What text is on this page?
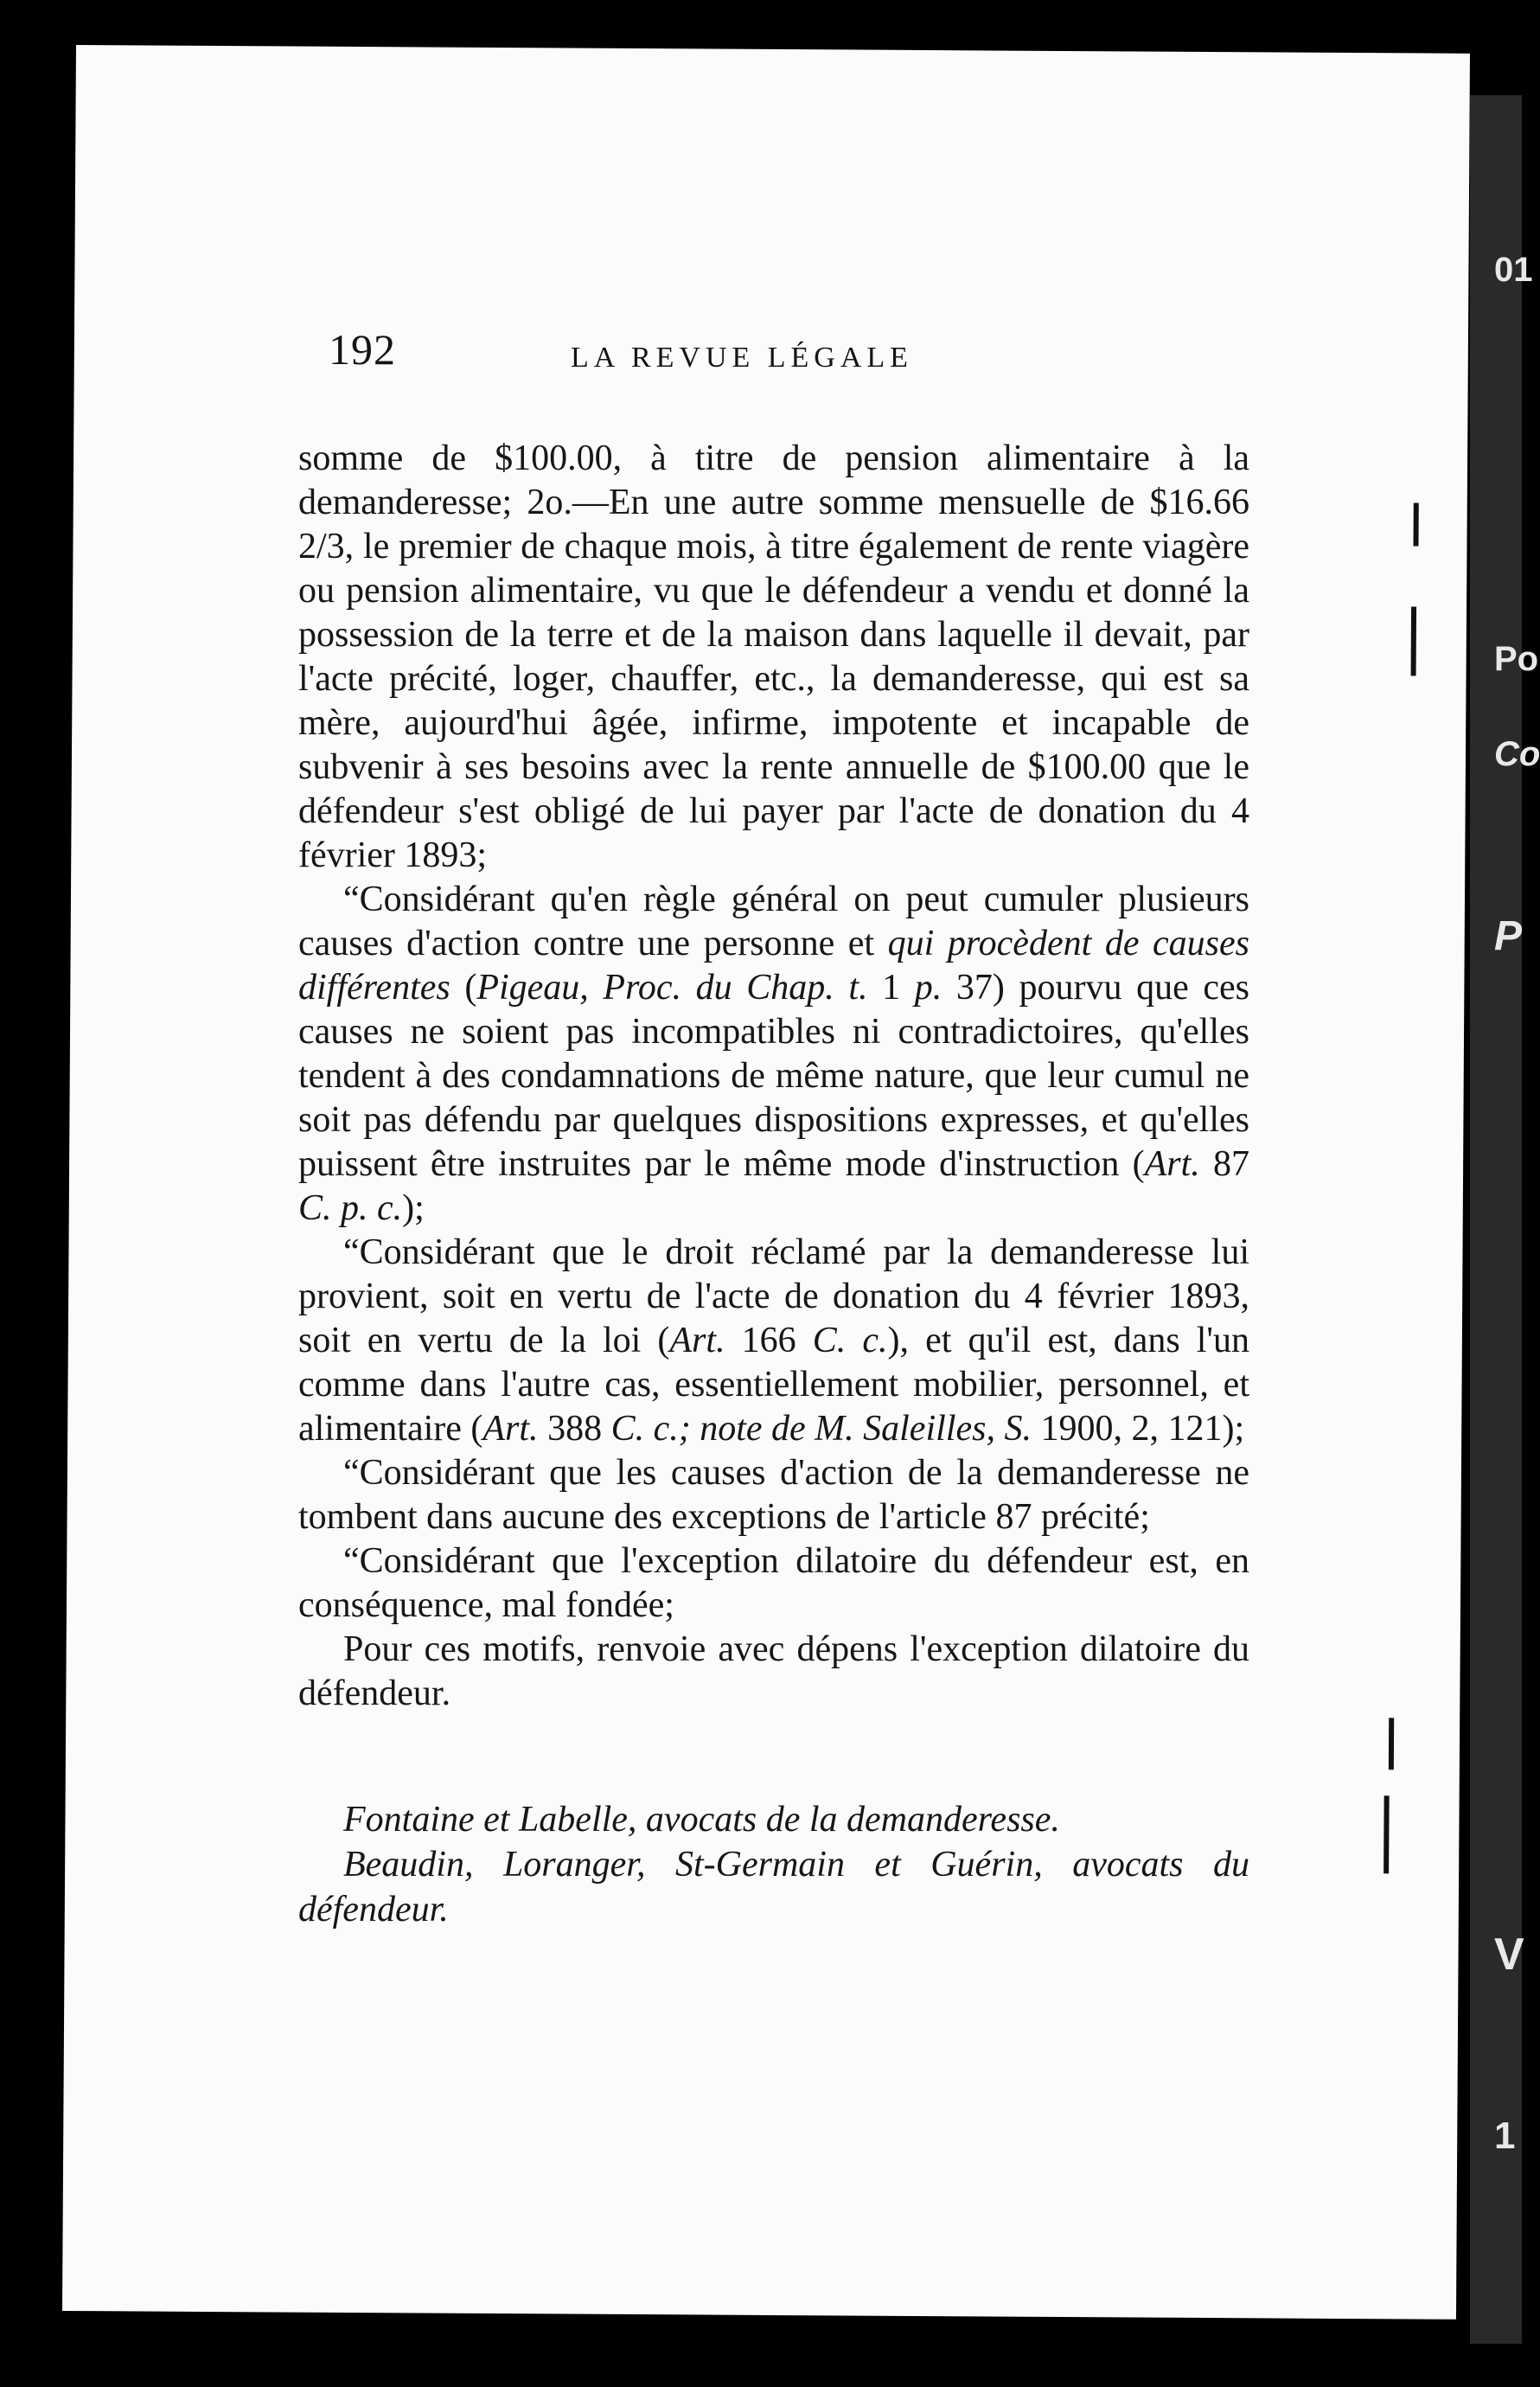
01
Po
Co
P
V
1
192	LA REVUE LÉGALE

somme de $100.00, à titre de pension alimentaire à la demanderesse; 2o.—En une autre somme mensuelle de $16.66 2/3, le premier de chaque mois, à titre également de rente viagère ou pension alimentaire, vu que le défendeur a vendu et donné la possession de la terre et de la maison dans laquelle il devait, par l'acte précité, loger, chauffer, etc., la demanderesse, qui est sa mère, aujourd'hui âgée, infirme, impotente et incapable de subvenir à ses besoins avec la rente annuelle de $100.00 que le défendeur s'est obligé de lui payer par l'acte de donation du 4 février 1893;

“Considérant qu'en règle général on peut cumuler plusieurs causes d'action contre une personne et qui procèdent de causes différentes (Pigeau, Proc. du Chap. t. 1 p. 37) pourvu que ces causes ne soient pas incompatibles ni contradictoires, qu'elles tendent à des condamnations de même nature, que leur cumul ne soit pas défendu par quelques dispositions expresses, et qu'elles puissent être instruites par le même mode d'instruction (Art. 87 C. p. c.);

“Considérant que le droit réclamé par la demanderesse lui provient, soit en vertu de l'acte de donation du 4 février 1893, soit en vertu de la loi (Art. 166 C. c.), et qu'il est, dans l'un comme dans l'autre cas, essentiellement mobilier, personnel, et alimentaire (Art. 388 C. c.; note de M. Saleilles, S. 1900, 2, 121);

“Considérant que les causes d'action de la demanderesse ne tombent dans aucune des exceptions de l'article 87 précité;

“Considérant que l'exception dilatoire du défendeur est, en conséquence, mal fondée;

Pour ces motifs, renvoie avec dépens l'exception dilatoire du défendeur.

Fontaine et Labelle, avocats de la demanderesse.

Beaudin, Loranger, St-Germain et Guérin, avocats du défendeur.
